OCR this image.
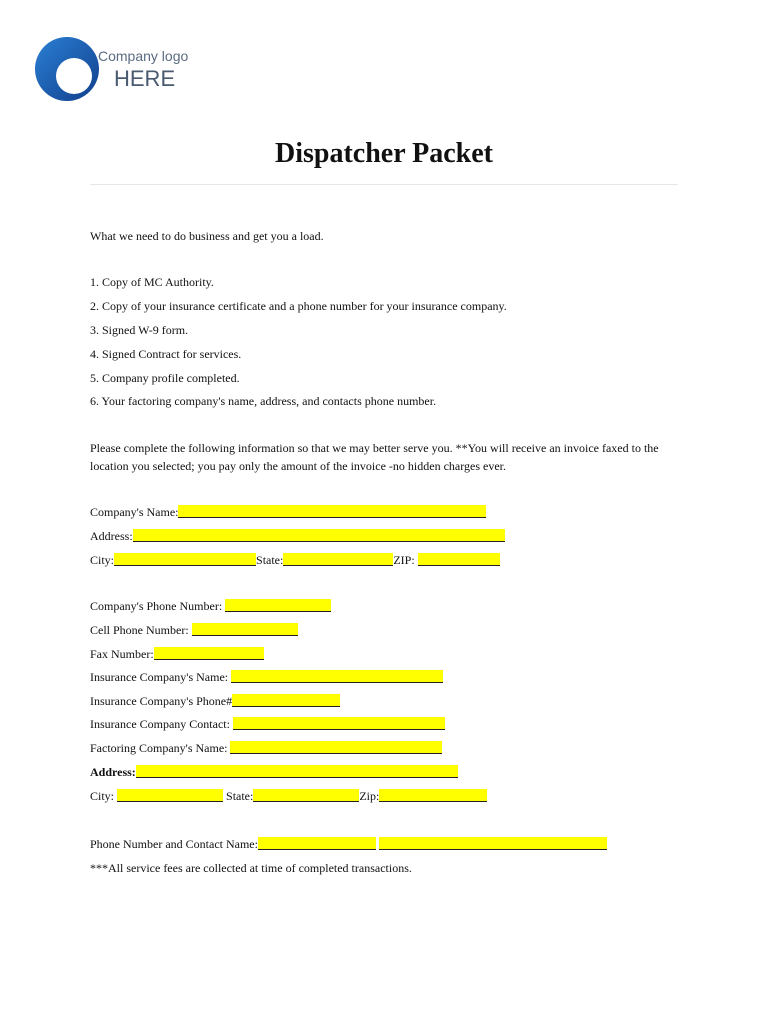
Company logo
HERE
Dispatcher Packet
What we need to do business and get you a load.
1. Copy of MC Authority.
2. Copy of your insurance certificate and a phone number for your insurance company.
3. Signed W-9 form.
4. Signed Contract for services.
5. Company profile completed.
6. Your factoring company's name, address, and contacts phone number.
Please complete the following information so that we may better serve you. **You will receive an invoice faxed to the location you selected; you pay only the amount of the invoice -no hidden charges ever.
Company's Name:
Address:
City:	State:	ZIP:
Company's Phone Number:
Cell Phone Number:
Fax Number:
Insurance Company's Name:
Insurance Company's Phone#
Insurance Company Contact:
Factoring Company's Name:
Address:
City:	State:	Zip:
Phone Number and Contact Name:
***All service fees are collected at time of completed transactions.
